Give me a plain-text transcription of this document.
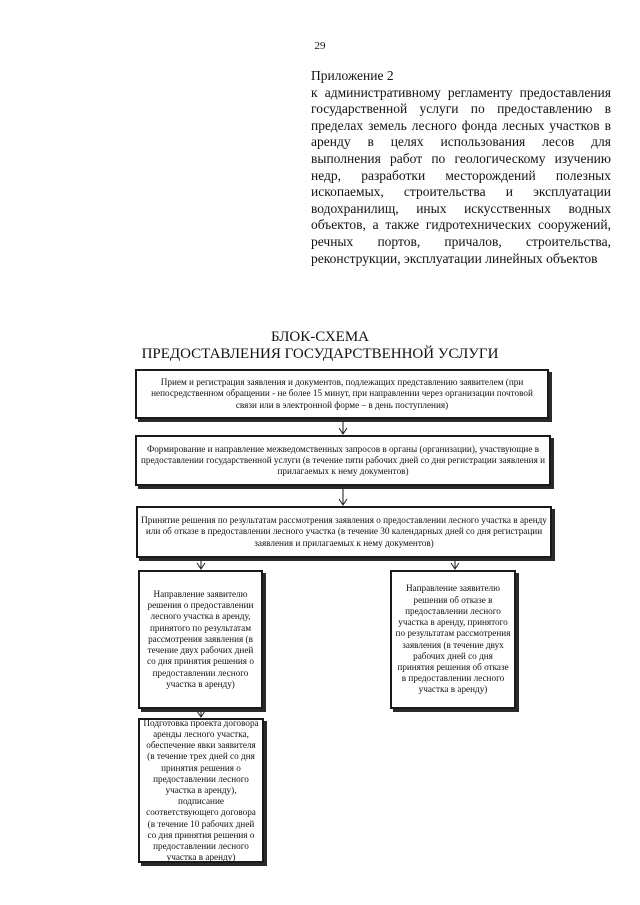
29
Приложение 2
к административному регламенту предоставления государственной услуги по предоставлению в пределах земель лесного фонда лесных участков в аренду в целях использования лесов для выполнения работ по геологическому изучению недр, разработки месторождений полезных ископаемых, строительства и эксплуатации водохранилищ, иных искусственных водных объектов, а также гидротехнических сооружений, речных портов, причалов, строительства, реконструкции, эксплуатации линейных объектов
БЛОК-СХЕМА
ПРЕДОСТАВЛЕНИЯ ГОСУДАРСТВЕННОЙ УСЛУГИ
Прием и регистрация заявления и документов, подлежащих представлению заявителем (при непосредственном обращении - не более 15 минут, при направлении через организации почтовой связи или в электронной форме – в день поступления)
Формирование и направление межведомственных запросов в органы (организации), участвующие в предоставлении государственной услуги (в течение пяти рабочих дней со дня регистрации заявления и прилагаемых к нему документов)
Принятие решения по результатам рассмотрения заявления о предоставлении лесного участка в аренду или об отказе в предоставлении лесного участка (в течение 30 календарных дней со дня регистрации заявления и прилагаемых к нему документов)
Направление заявителю решения о предоставлении лесного участка в аренду, принятого по результатам рассмотрения заявления (в течение двух рабочих дней со дня принятия решения о предоставлении лесного участка в аренду)
Направление заявителю решения об отказе в предоставлении лесного участка в аренду, принятого по результатам рассмотрения заявления (в течение двух рабочих дней со дня принятия решения об отказе в предоставлении лесного участка в аренду)
Подготовка проекта договора аренды лесного участка, обеспечение явки заявителя (в течение трех дней со дня принятия решения о предоставлении лесного участка в аренду), подписание соответствующего договора (в течение 10 рабочих дней со дня принятия решения о предоставлении лесного участка в аренду)
